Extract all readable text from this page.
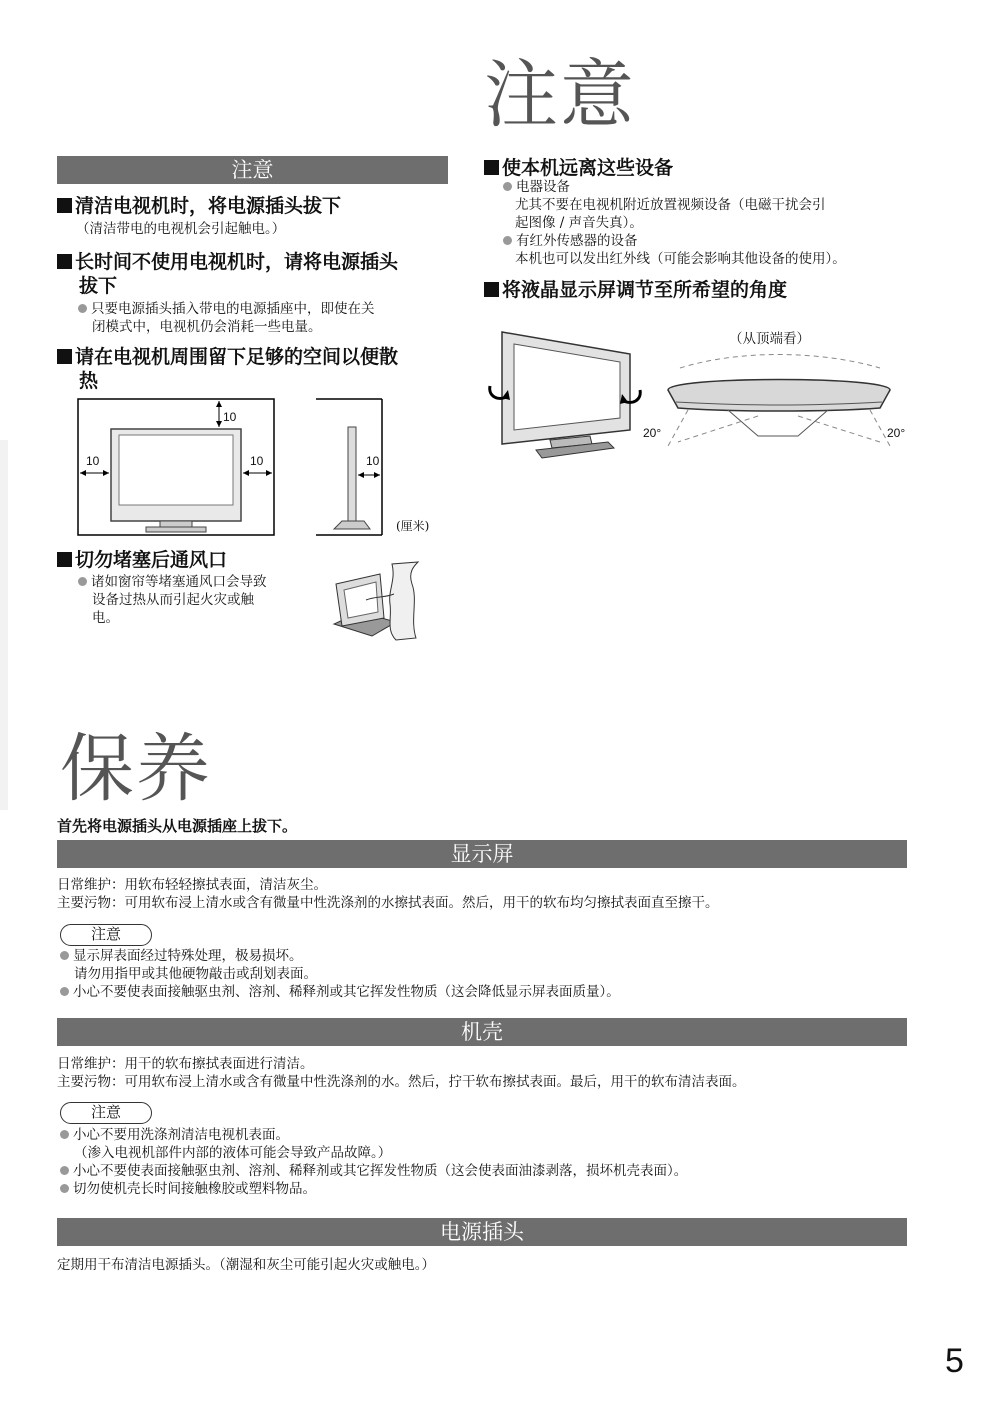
注意
注意
清洁电视机时，将电源插头拔下
（清洁带电的电视机会引起触电。）
长时间不使用电视机时，请将电源插头
拔下
只要电源插头插入带电的电源插座中，即使在关
闭模式中，电视机仍会消耗一些电量。
请在电视机周围留下足够的空间以便散
热
10
10	10	10
(厘米)
切勿堵塞后通风口
诸如窗帘等堵塞通风口会导致
设备过热从而引起火灾或触
电。
使本机远离这些设备
电器设备
尤其不要在电视机附近放置视频设备（电磁干扰会引
起图像 / 声音失真）。
有红外传感器的设备
本机也可以发出红外线（可能会影响其他设备的使用）。
将液晶显示屏调节至所希望的角度
（从顶端看）
20°	20°
保养
首先将电源插头从电源插座上拔下。
显示屏
日常维护：用软布轻轻擦拭表面，清洁灰尘。
主要污物：可用软布浸上清水或含有微量中性洗涤剂的水擦拭表面。然后，用干的软布均匀擦拭表面直至擦干。
注意
显示屏表面经过特殊处理，极易损坏。
请勿用指甲或其他硬物敲击或刮划表面。
小心不要使表面接触驱虫剂、溶剂、稀释剂或其它挥发性物质（这会降低显示屏表面质量）。
机壳
日常维护：用干的软布擦拭表面进行清洁。
主要污物：可用软布浸上清水或含有微量中性洗涤剂的水。然后，拧干软布擦拭表面。最后，用干的软布清洁表面。
注意
小心不要用洗涤剂清洁电视机表面。
（渗入电视机部件内部的液体可能会导致产品故障。）
小心不要使表面接触驱虫剂、溶剂、稀释剂或其它挥发性物质（这会使表面油漆剥落，损坏机壳表面）。
切勿使机壳长时间接触橡胶或塑料物品。
电源插头
定期用干布清洁电源插头。（潮湿和灰尘可能引起火灾或触电。）
5
